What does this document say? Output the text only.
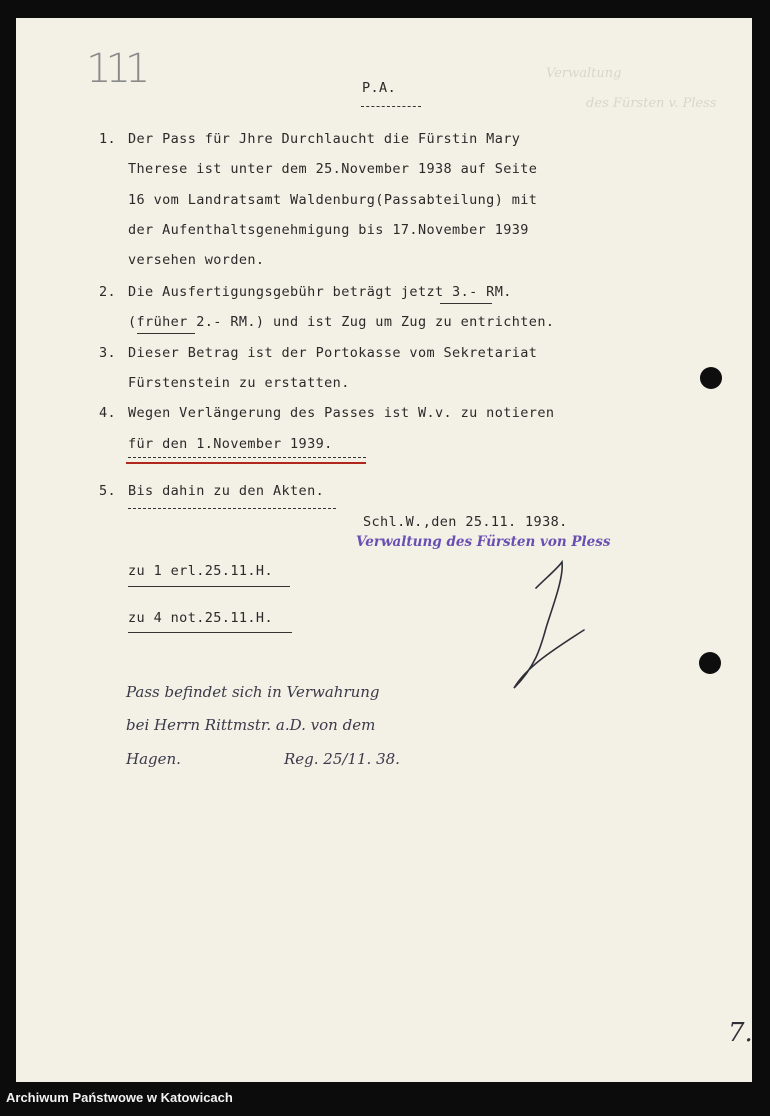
Verwaltung
des Fürsten v. Pless
111	P.A.
1. Der Pass für Jhre Durchlaucht die Fürstin Mary
Therese ist unter dem 25.November 1938 auf Seite
16 vom Landratsamt Waldenburg(Passabteilung) mit
der Aufenthaltsgenehmigung bis 17.November 1939
versehen worden.
2. Die Ausfertigungsgebühr beträgt jetzt 3.- RM.
(früher 2.- RM.) und ist Zug um Zug zu entrichten.
3. Dieser Betrag ist der Portokasse vom Sekretariat
Fürstenstein zu erstatten.
4. Wegen Verlängerung des Passes ist W.v. zu notieren
für den 1.November 1939.
5. Bis dahin zu den Akten.
Schl.W.,den 25.11. 1938.
Verwaltung des Fürsten von Pless
zu 1 erl.25.11.H.
zu 4 not.25.11.H.
Pass befindet sich in Verwahrung
bei Herrn Rittmstr. a.D. von dem
Hagen.	Reg. 25/11. 38.
7.
Archiwum Państwowe w Katowicach
